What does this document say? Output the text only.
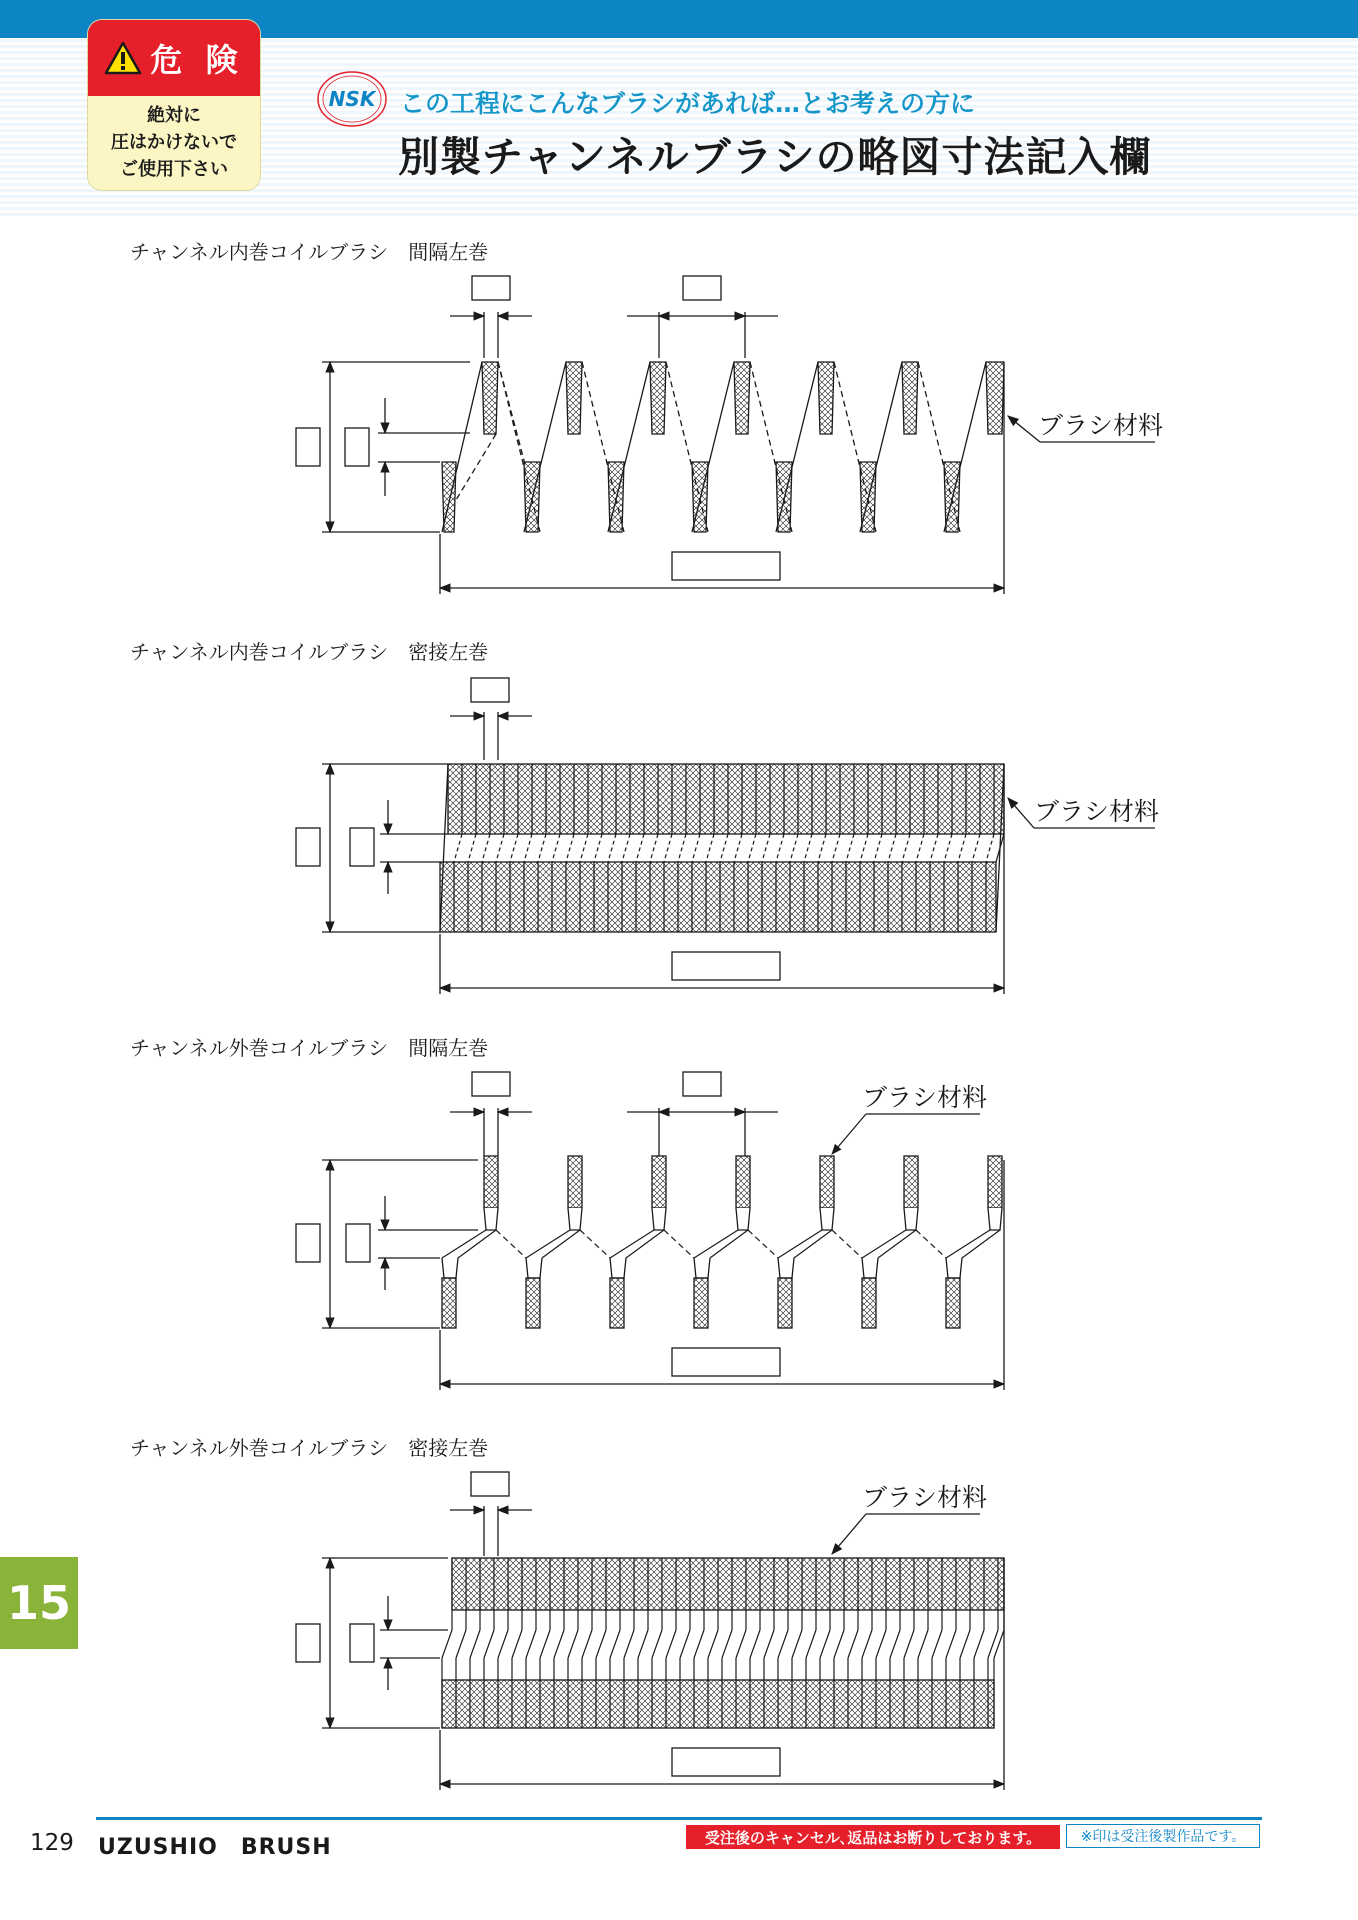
危 険
絶対に
圧はかけないで
ご使用下さい
NSK この工程にこんなブラシがあれば…とお考えの方に
別製チャンネルブラシの略図寸法記入欄
チャンネル内巻コイルブラシ　間隔左巻
ブラシ材料
チャンネル内巻コイルブラシ　密接左巻
ブラシ材料
チャンネル外巻コイルブラシ　間隔左巻
ブラシ材料
チャンネル外巻コイルブラシ　密接左巻
ブラシ材料
15
129 UZUSHIO　BRUSH	受注後のキャンセル､返品はお断りしております。	※印は受注後製作品です。
